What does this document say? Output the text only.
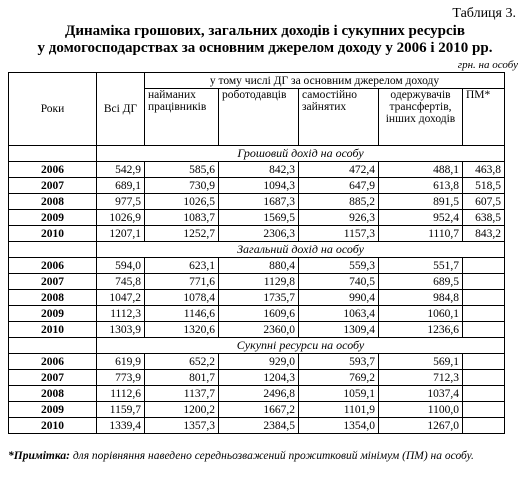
Таблиця 3.
Динаміка грошових, загальних доходів і сукупних ресурсів
у домогосподарствах за основним джерелом доходу у 2006 і 2010 рр.
грн. на особу
Роки	Всі ДГ	у тому числі ДГ за основним джерелом доходу				
		наймaних працівників	роботодавців	самостійно зайнятих	одержувачів трансфертів, інших доходів	ПМ*
	Грошовий дохід на особу					
2006	542,9	585,6	842,3	472,4	488,1	463,8
2007	689,1	730,9	1094,3	647,9	613,8	518,5
2008	977,5	1026,5	1687,3	885,2	891,5	607,5
2009	1026,9	1083,7	1569,5	926,3	952,4	638,5
2010	1207,1	1252,7	2306,3	1157,3	1110,7	843,2
	Загальний дохід на особу					
2006	594,0	623,1	880,4	559,3	551,7	
2007	745,8	771,6	1129,8	740,5	689,5	
2008	1047,2	1078,4	1735,7	990,4	984,8	
2009	1112,3	1146,6	1609,6	1063,4	1060,1	
2010	1303,9	1320,6	2360,0	1309,4	1236,6	
	Сукупні ресурси на особу					
2006	619,9	652,2	929,0	593,7	569,1	
2007	773,9	801,7	1204,3	769,2	712,3	
2008	1112,6	1137,7	2496,8	1059,1	1037,4	
2009	1159,7	1200,2	1667,2	1101,9	1100,0	
2010	1339,4	1357,3	2384,5	1354,0	1267,0	
*Примітка: для порівняння наведено середньозважений прожитковий мінімум (ПМ) на особу.
